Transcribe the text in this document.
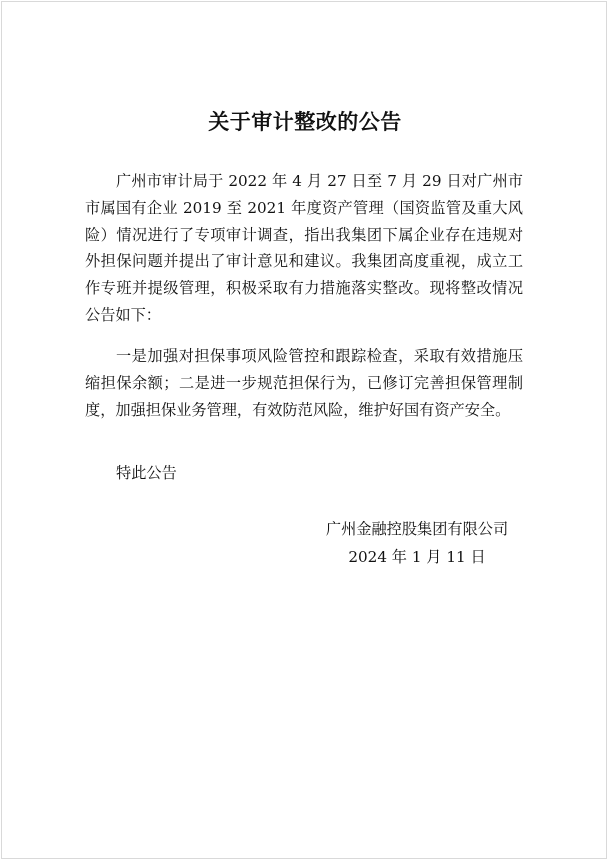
关于审计整改的公告

广州市审计局于 2022 年 4 月 27 日至 7 月 29 日对广州市市属国有企业 2019 至 2021 年度资产管理（国资监管及重大风险）情况进行了专项审计调查，指出我集团下属企业存在违规对外担保问题并提出了审计意见和建议。我集团高度重视，成立工作专班并提级管理，积极采取有力措施落实整改。现将整改情况公告如下：

一是加强对担保事项风险管控和跟踪检查，采取有效措施压缩担保余额；二是进一步规范担保行为，已修订完善担保管理制度，加强担保业务管理，有效防范风险，维护好国有资产安全。

特此公告

广州金融控股集团有限公司
2024 年 1 月 11 日
